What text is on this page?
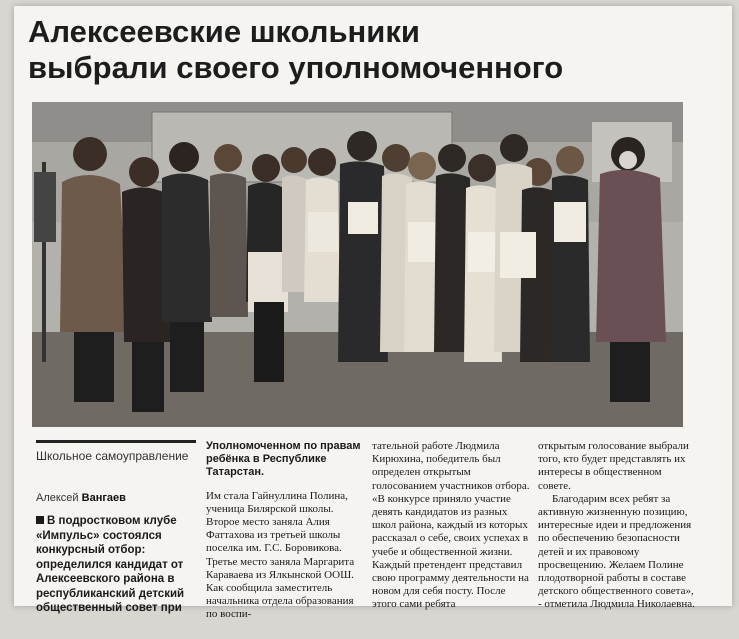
Алексеевские школьники
выбрали своего уполномоченного
Школьное самоуправление
Алексей Вангаев
В подростковом клубе «Импульс» состоялся конкурсный отбор: определился кандидат от Алексеевского района в республиканский детский общественный совет при

Уполномоченном по правам ребёнка в Республике Татарстан.

Им стала Гайнуллина Полина, ученица Билярской школы. Второе место заняла Алия Фаттахова из третьей школы поселка им. Г.С. Боровикова. Третье место заняла Маргарита Караваева из Ялкынской ООШ. Как сообщила заместитель начальника отдела образования по воспи-

тательной работе Людмила Кирюхина, победитель был определен открытым голосованием участников отбора.

«В конкурсе приняло участие девять кандидатов из разных школ района, каждый из которых рассказал о себе, своих успехах в учебе и общественной жизни. Каждый претендент представил свою программу деятельности на новом для себя посту. После этого сами ребята

открытым голосование выбрали того, кто будет представлять их интересы в общественном совете.

Благодарим всех ребят за активную жизненную позицию, интересные идеи и предложения по обеспечению безопасности детей и их правовому просвещению. Желаем Полине плодотворной работы в составе детского общественного совета», - отметила Людмила Николаевна.
